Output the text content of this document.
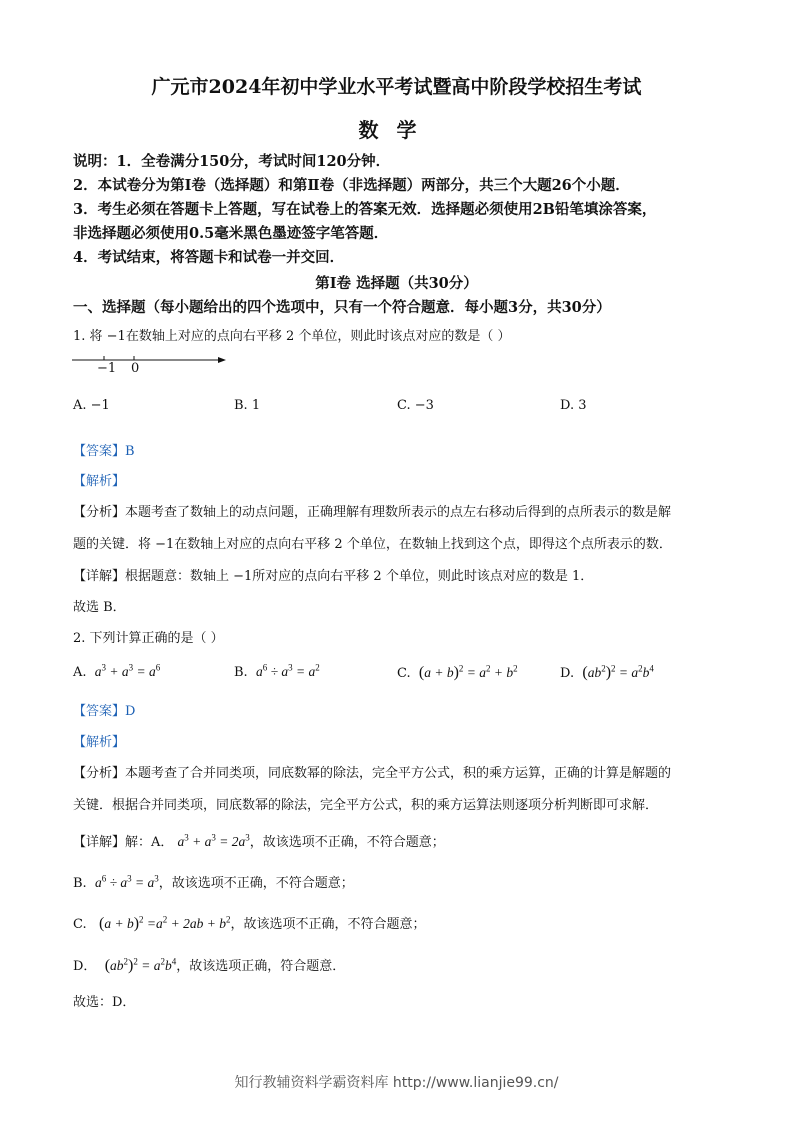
广元市2024年初中学业水平考试暨高中阶段学校招生考试
数学
说明：1．全卷满分150分，考试时间120分钟．
2．本试卷分为第Ⅰ卷（选择题）和第Ⅱ卷（非选择题）两部分，共三个大题26个小题．
3．考生必须在答题卡上答题，写在试卷上的答案无效．选择题必须使用2B铅笔填涂答案，
非选择题必须使用0.5毫米黑色墨迹签字笔答题．
4．考试结束，将答题卡和试卷一并交回．
第Ⅰ卷 选择题（共30分）
一、选择题（每小题给出的四个选项中，只有一个符合题意．每小题3分，共30分）
1. 将 −1在数轴上对应的点向右平移 2 个单位，则此时该点对应的数是（ ）
−1 0
A. −1	B. 1	C. −3	D. 3
【答案】B
【解析】
【分析】本题考查了数轴上的动点问题，正确理解有理数所表示的点左右移动后得到的点所表示的数是解
题的关键．将 −1在数轴上对应的点向右平移 2 个单位，在数轴上找到这个点，即得这个点所表示的数．
【详解】根据题意：数轴上 −1所对应的点向右平移 2 个单位，则此时该点对应的数是 1．
故选 B．
2. 下列计算正确的是（ ）
A.  $a^3 + a^3 = a^6$	B.  $a^6 \div a^3 = a^2$	C.  $(a + b)^2 = a^2 + b^2$	D.  $(ab^2)^2 = a^2b^4$
【答案】D
【解析】
【分析】本题考查了合并同类项，同底数幂的除法，完全平方公式，积的乘方运算，正确的计算是解题的
关键．根据合并同类项，同底数幂的除法，完全平方公式，积的乘方运算法则逐项分析判断即可求解．
【详解】解：A． $a^3 + a^3 = 2a^3$，故该选项不正确，不符合题意；
B.  $a^6 \div a^3 = a^3$，故该选项不正确，不符合题意；
C.   $(a + b)^2 =a^2 + 2ab + b^2$，故该选项不正确，不符合题意；
D．  $(ab^2)^2 = a^2b^4$，故该选项正确，符合题意．
故选：D．
知行教辅资料学霸资料库 http://www.lianjie99.cn/
